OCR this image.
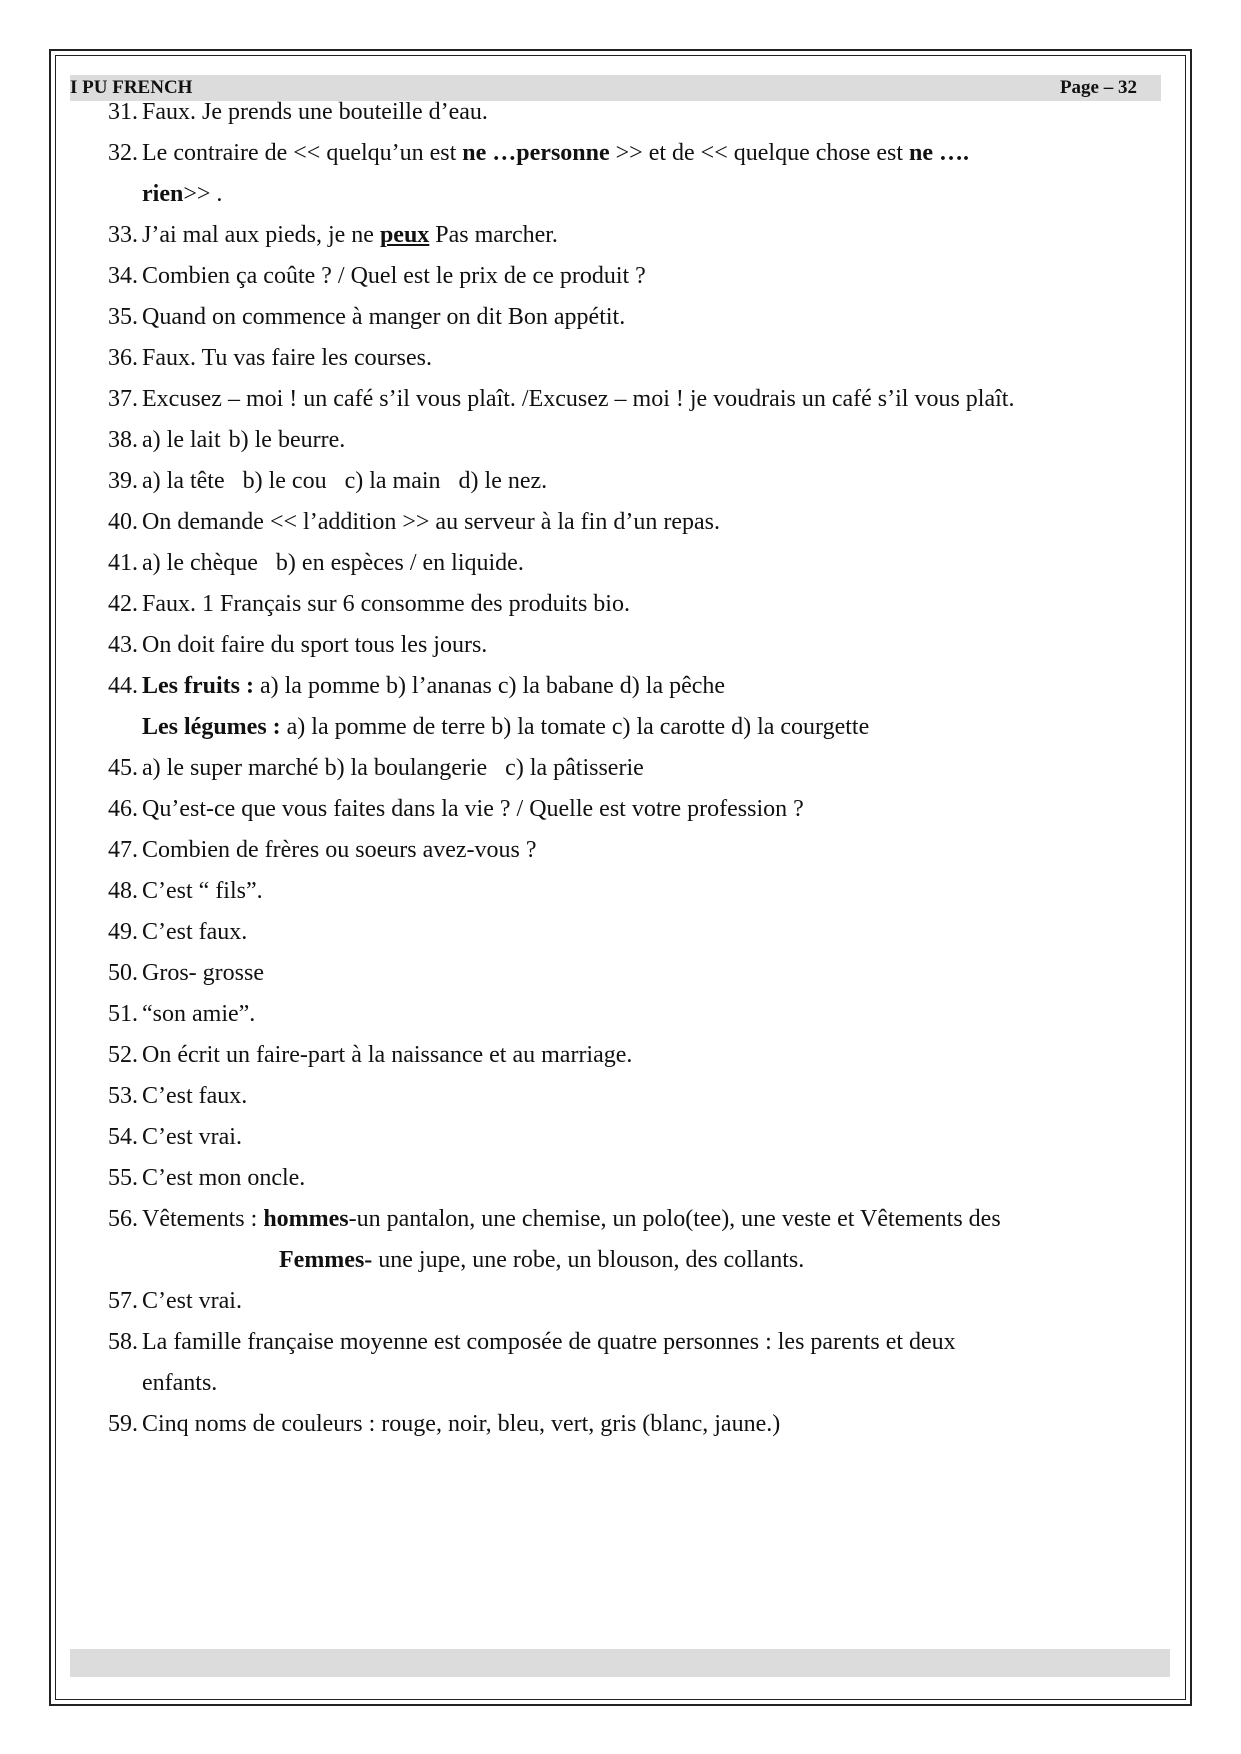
I PU FRENCH	Page – 32
31. Faux. Je prends une bouteille d’eau.
32. Le contraire de << quelqu’un est ne …personne >> et de << quelque chose est ne ….
rien>> .
33. J’ai mal aux pieds, je ne peux Pas marcher.
34. Combien ça coûte ? / Quel est le prix de ce produit ?
35. Quand on commence à manger on dit Bon appétit.
36. Faux. Tu vas faire les courses.
37. Excusez – moi ! un café s’il vous plaît. /Excusez – moi ! je voudrais un café s’il vous plaît.
38. a) le lait b) le beurre.
39. a) la tête b) le cou c) la main d) le nez.
40. On demande << l’addition >> au serveur à la fin d’un repas.
41. a) le chèque b) en espèces / en liquide.
42. Faux. 1 Français sur 6 consomme des produits bio.
43. On doit faire du sport tous les jours.
44. Les fruits : a) la pomme b) l’ananas c) la babane d) la pêche
Les légumes : a) la pomme de terre b) la tomate c) la carotte d) la courgette
45. a) le super marché b) la boulangerie c) la pâtisserie
46. Qu’est-ce que vous faites dans la vie ? / Quelle est votre profession ?
47. Combien de frères ou soeurs avez-vous ?
48. C’est “ fils”.
49. C’est faux.
50. Gros- grosse
51. “son amie”.
52. On écrit un faire-part à la naissance et au marriage.
53. C’est faux.
54. C’est vrai.
55. C’est mon oncle.
56. Vêtements : hommes-un pantalon, une chemise, un polo(tee), une veste et Vêtements des
Femmes- une jupe, une robe, un blouson, des collants.
57. C’est vrai.
58. La famille française moyenne est composée de quatre personnes : les parents et deux
enfants.
59. Cinq noms de couleurs : rouge, noir, bleu, vert, gris (blanc, jaune.)
